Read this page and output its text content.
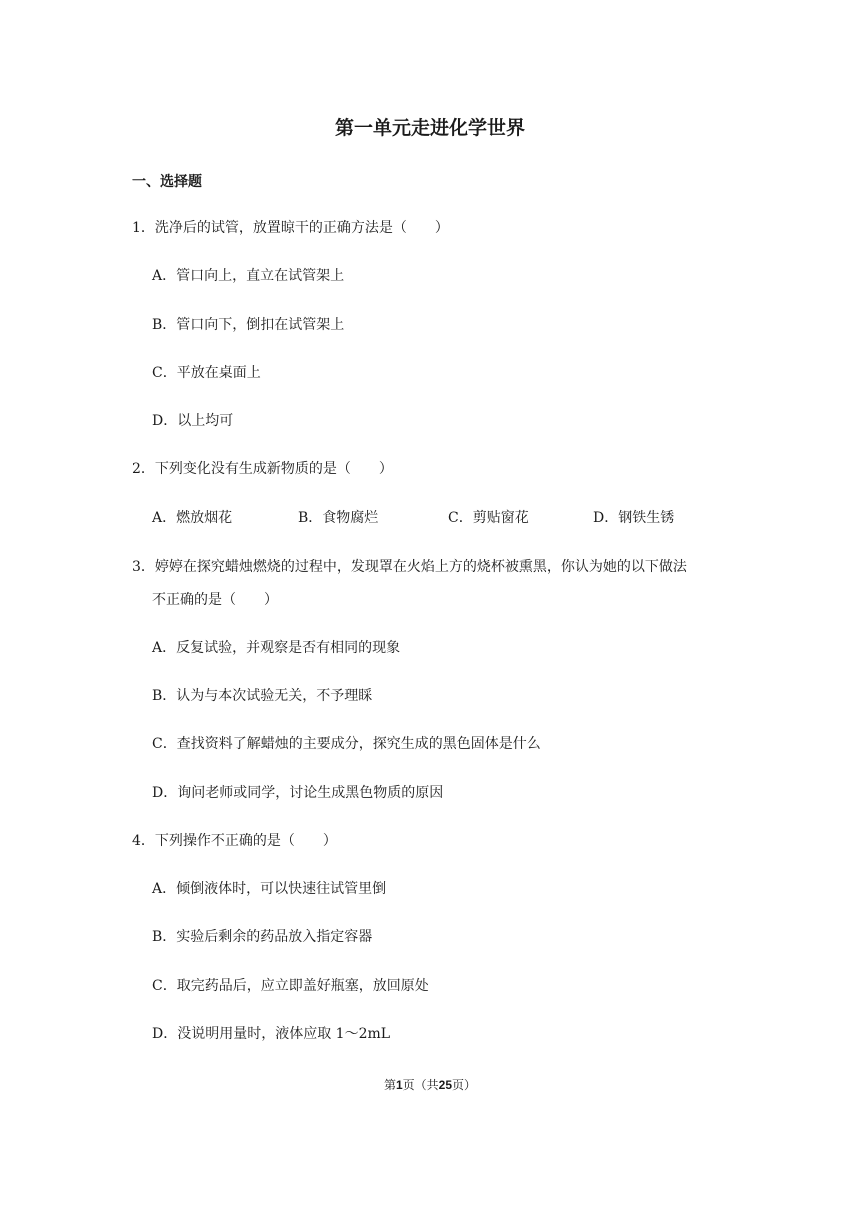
第一单元走进化学世界
一、选择题
1．洗净后的试管，放置晾干的正确方法是（　　）
A．管口向上，直立在试管架上
B．管口向下，倒扣在试管架上
C．平放在桌面上
D．以上均可
2．下列变化没有生成新物质的是（　　）
A．燃放烟花	B．食物腐烂	C．剪贴窗花	D．钢铁生锈
3．婷婷在探究蜡烛燃烧的过程中，发现罩在火焰上方的烧杯被熏黑，你认为她的以下做法
不正确的是（　　）
A．反复试验，并观察是否有相同的现象
B．认为与本次试验无关，不予理睬
C．查找资料了解蜡烛的主要成分，探究生成的黑色固体是什么
D．询问老师或同学，讨论生成黑色物质的原因
4．下列操作不正确的是（　　）
A．倾倒液体时，可以快速往试管里倒
B．实验后剩余的药品放入指定容器
C．取完药品后，应立即盖好瓶塞，放回原处
D．没说明用量时，液体应取 1～2mL
第1页（共25页）
